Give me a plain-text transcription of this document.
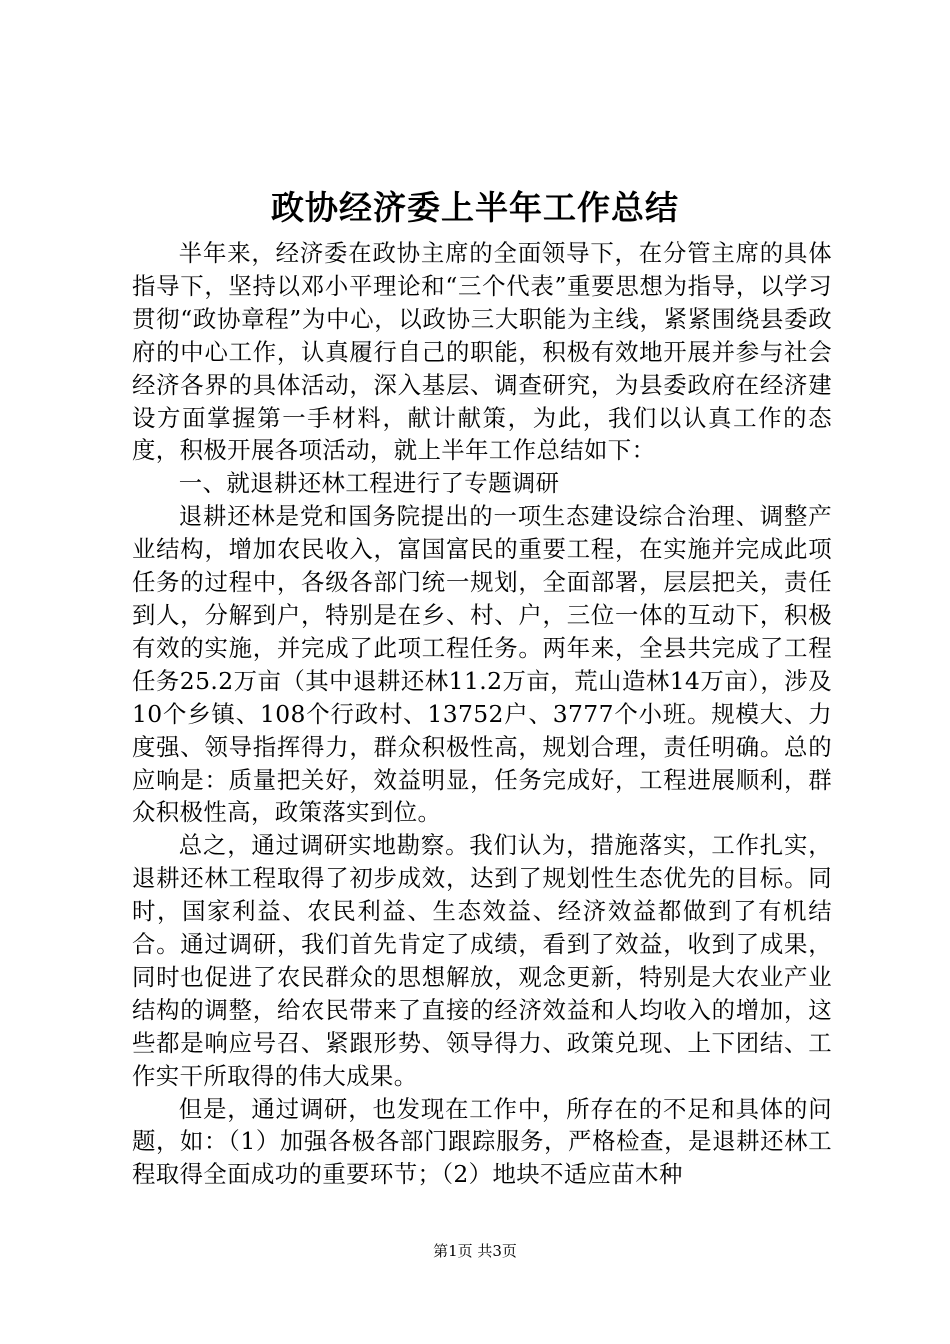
政协经济委上半年工作总结

半年来，经济委在政协主席的全面领导下，在分管主席的具体指导下，坚持以邓小平理论和“三个代表”重要思想为指导，以学习贯彻“政协章程”为中心，以政协三大职能为主线，紧紧围绕县委政府的中心工作，认真履行自己的职能，积极有效地开展并参与社会经济各界的具体活动，深入基层、调查研究，为县委政府在经济建设方面掌握第一手材料，献计献策，为此，我们以认真工作的态度，积极开展各项活动，就上半年工作总结如下：

一、就退耕还林工程进行了专题调研

退耕还林是党和国务院提出的一项生态建设综合治理、调整产业结构，增加农民收入，富国富民的重要工程，在实施并完成此项任务的过程中，各级各部门统一规划，全面部署，层层把关，责任到人，分解到户，特别是在乡、村、户，三位一体的互动下，积极有效的实施，并完成了此项工程任务。两年来，全县共完成了工程任务25.2万亩（其中退耕还林11.2万亩，荒山造林14万亩），涉及10个乡镇、108个行政村、13752户、3777个小班。规模大、力度强、领导指挥得力，群众积极性高，规划合理，责任明确。总的应响是：质量把关好，效益明显，任务完成好，工程进展顺利，群众积极性高，政策落实到位。

总之，通过调研实地勘察。我们认为，措施落实，工作扎实，退耕还林工程取得了初步成效，达到了规划性生态优先的目标。同时，国家利益、农民利益、生态效益、经济效益都做到了有机结合。通过调研，我们首先肯定了成绩，看到了效益，收到了成果，同时也促进了农民群众的思想解放，观念更新，特别是大农业产业结构的调整，给农民带来了直接的经济效益和人均收入的增加，这些都是响应号召、紧跟形势、领导得力、政策兑现、上下团结、工作实干所取得的伟大成果。

但是，通过调研，也发现在工作中，所存在的不足和具体的问题，如：（1）加强各极各部门跟踪服务，严格检查，是退耕还林工程取得全面成功的重要环节；（2）地块不适应苗木种

第1页 共3页
